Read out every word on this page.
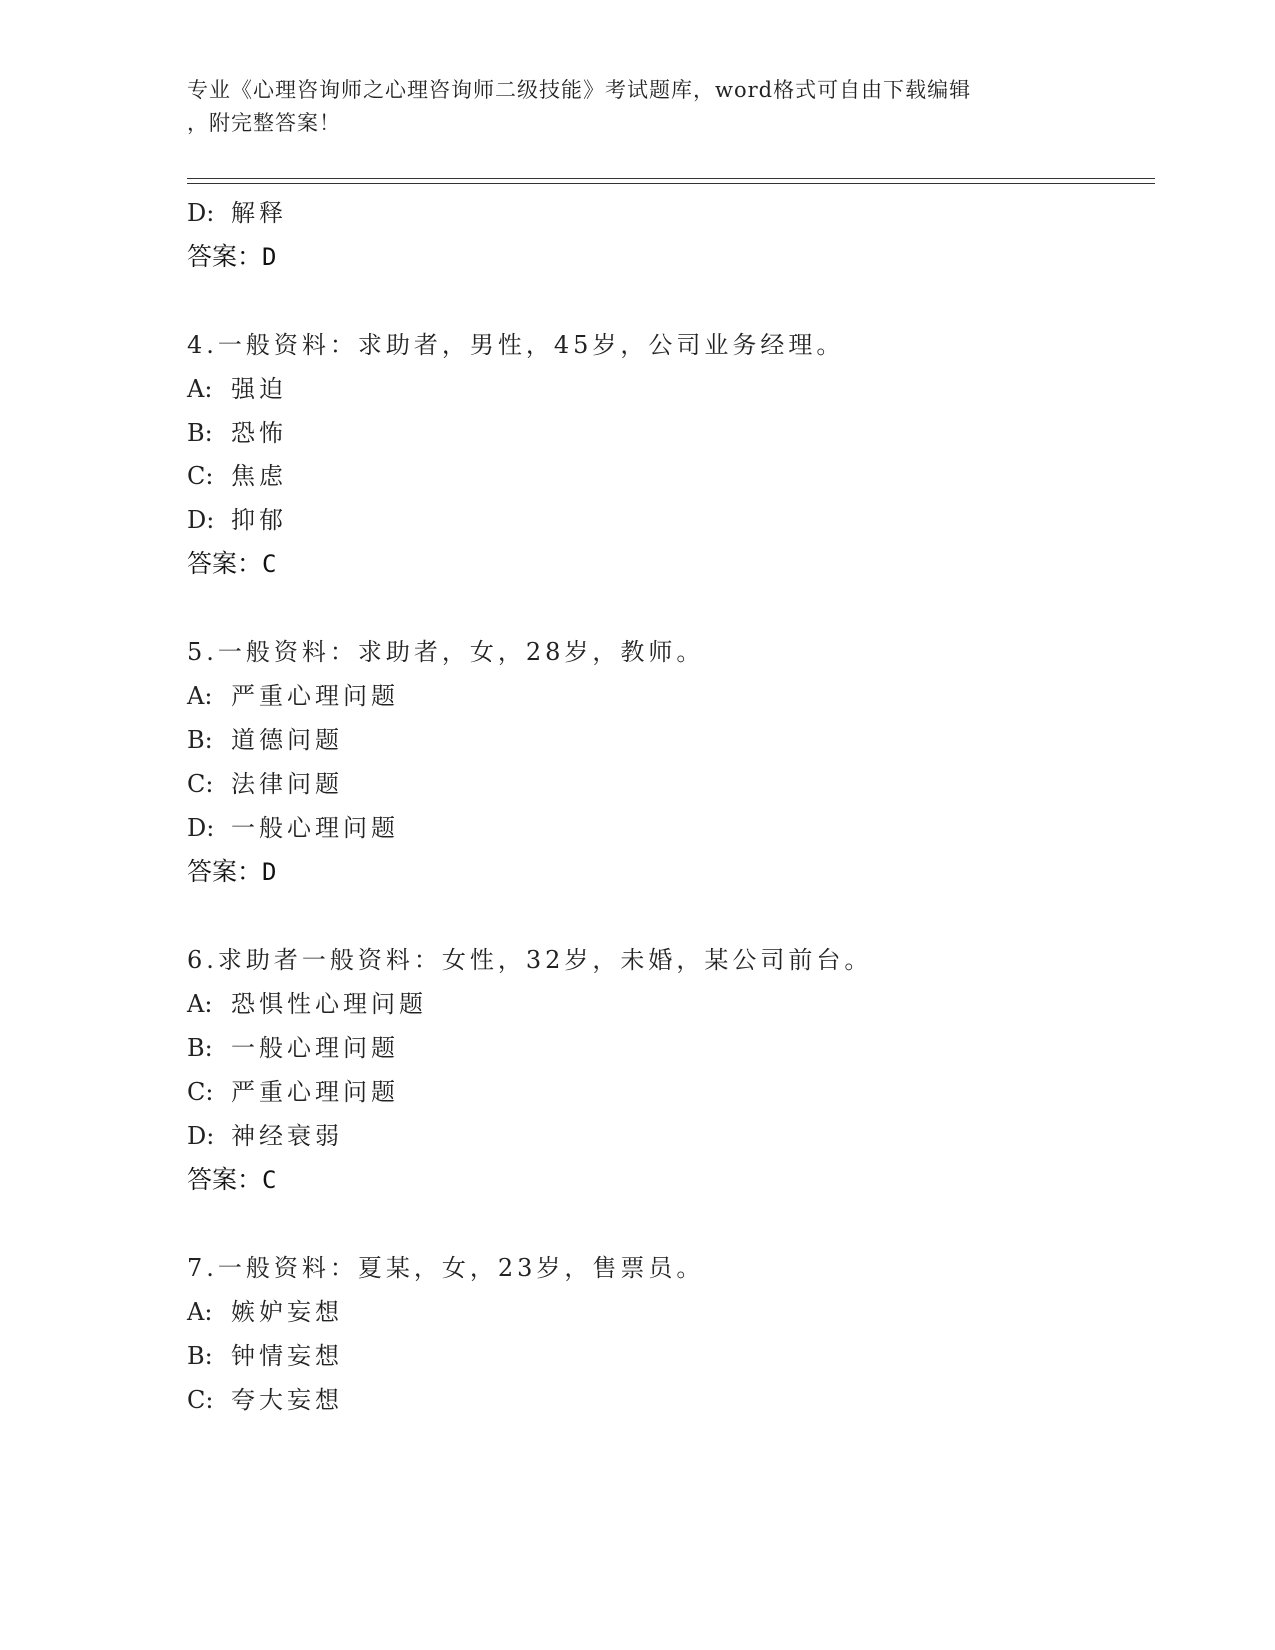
专业《心理咨询师之心理咨询师二级技能》考试题库，word格式可自由下载编辑
，附完整答案！
D: 解释
答案：D
4.一般资料：求助者，男性，45岁，公司业务经理。
A: 强迫
B: 恐怖
C: 焦虑
D: 抑郁
答案：C
5.一般资料：求助者，女，28岁，教师。
A: 严重心理问题
B: 道德问题
C: 法律问题
D: 一般心理问题
答案：D
6.求助者一般资料：女性，32岁，未婚，某公司前台。
A: 恐惧性心理问题
B: 一般心理问题
C: 严重心理问题
D: 神经衰弱
答案：C
7.一般资料：夏某，女，23岁，售票员。
A: 嫉妒妄想
B: 钟情妄想
C: 夸大妄想
